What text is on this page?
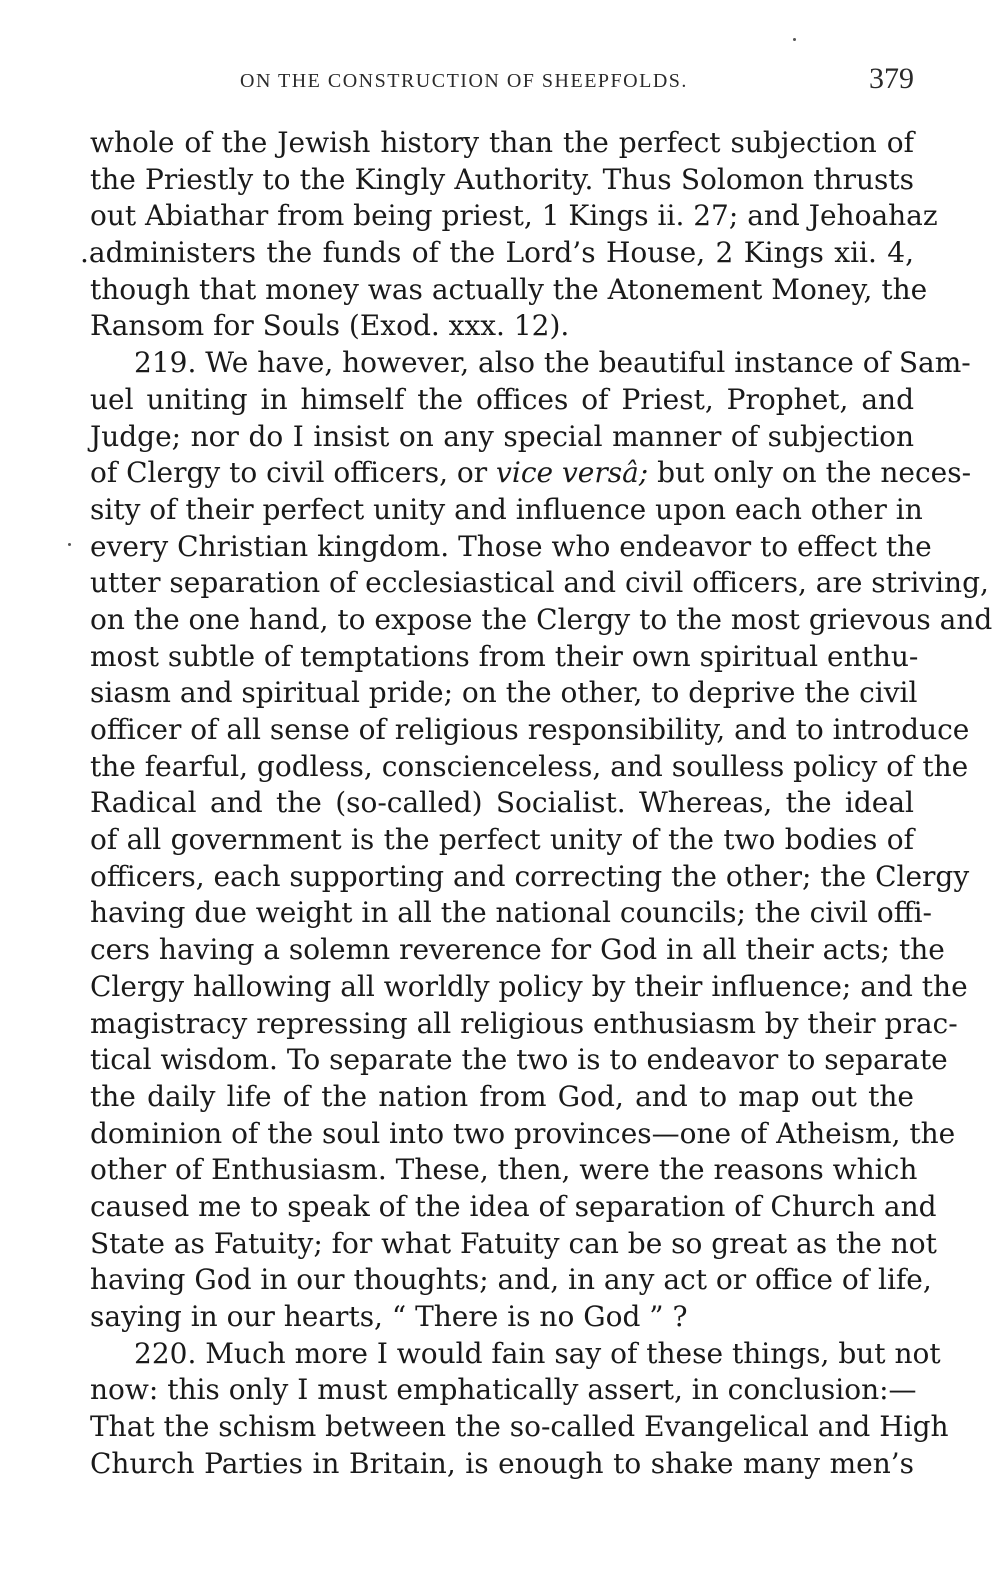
ON THE CONSTRUCTION OF SHEEPFOLDS.	379
whole of the Jewish history than the perfect subjection of
the Priestly to the Kingly Authority. Thus Solomon thrusts
out Abiathar from being priest, 1 Kings ii. 27; and Jehoahaz
.administers the funds of the Lord’s House, 2 Kings xii. 4,
though that money was actually the Atonement Money, the
Ransom for Souls (Exod. xxx. 12).
219. We have, however, also the beautiful instance of Sam-
uel uniting in himself the offices of Priest, Prophet, and
Judge; nor do I insist on any special manner of subjection
of Clergy to civil officers, or vice versâ; but only on the neces-
sity of their perfect unity and influence upon each other in
every Christian kingdom. Those who endeavor to effect the
utter separation of ecclesiastical and civil officers, are striving,
on the one hand, to expose the Clergy to the most grievous and
most subtle of temptations from their own spiritual enthu-
siasm and spiritual pride; on the other, to deprive the civil
officer of all sense of religious responsibility, and to introduce
the fearful, godless, conscienceless, and soulless policy of the
Radical and the (so-called) Socialist. Whereas, the ideal
of all government is the perfect unity of the two bodies of
officers, each supporting and correcting the other; the Clergy
having due weight in all the national councils; the civil offi-
cers having a solemn reverence for God in all their acts; the
Clergy hallowing all worldly policy by their influence; and the
magistracy repressing all religious enthusiasm by their prac-
tical wisdom. To separate the two is to endeavor to separate
the daily life of the nation from God, and to map out the
dominion of the soul into two provinces—one of Atheism, the
other of Enthusiasm. These, then, were the reasons which
caused me to speak of the idea of separation of Church and
State as Fatuity; for what Fatuity can be so great as the not
having God in our thoughts; and, in any act or office of life,
saying in our hearts, “ There is no God ” ?
220. Much more I would fain say of these things, but not
now: this only I must emphatically assert, in conclusion:—
That the schism between the so-called Evangelical and High
Church Parties in Britain, is enough to shake many men’s
